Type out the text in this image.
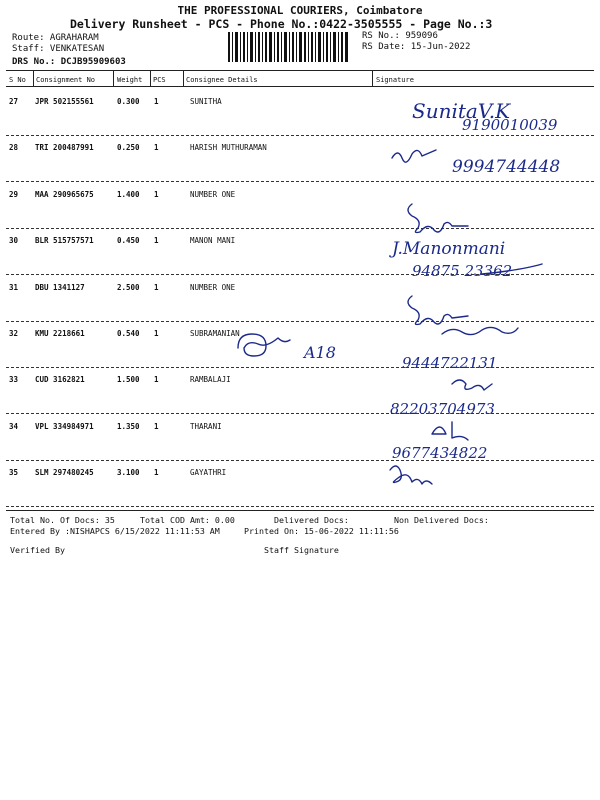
THE PROFESSIONAL COURIERS, Coimbatore
Delivery Runsheet - PCS - Phone No.:0422-3505555 - Page No.:3
Route: AGRAHARAM
Staff: VENKATESAN
DRS No.: DCJB95909603
RS No.: 959096
RS Date: 15-Jun-2022
S No Consignment No	Weight PCS	Consignee Details	Signature
27 JPR 502155561	0.300 1	SUNITHA
28 TRI 200487991	0.250 1	HARISH MUTHURAMAN
29 MAA 290965675	1.400 1	NUMBER ONE
30 BLR 515757571	0.450 1	MANON MANI
31 DBU 1341127	2.500 1	NUMBER ONE
32 KMU 2218661	0.540 1	SUBRAMANIAN
33 CUD 3162821	1.500 1	RAMBALAJI
34 VPL 334984971	1.350 1	THARANI
35 SLM 297480245	3.100 1	GAYATHRI
SunitaV.K
9190010039
9994744448
J.Manonmani
94875 23362
9444722131
82203704973
9677434822
A18
Total No. Of Docs: 35	Total COD Amt: 0.00	Delivered Docs:	Non Delivered Docs:
Entered By :NISHAPCS 6/15/2022 11:11:53 AM	Printed On: 15-06-2022 11:11:56
Verified By	Staff Signature
